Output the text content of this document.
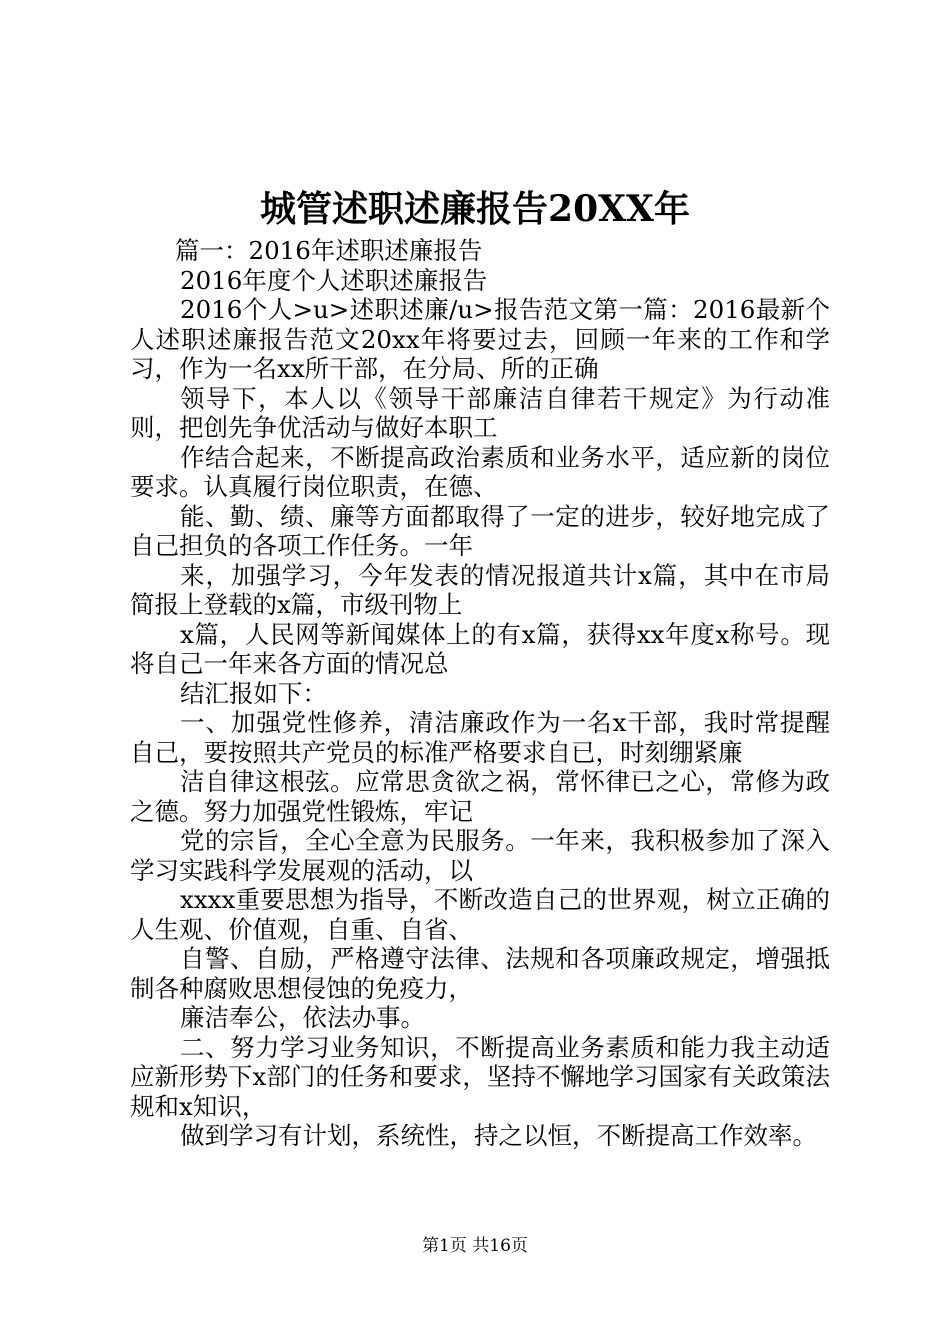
城管述职述廉报告20XX年

篇一：2016年述职述廉报告

2016年度个人述职述廉报告

2016个人>u>述职述廉/u>报告范文第一篇：2016最新个人述职述廉报告范文20xx年将要过去，回顾一年来的工作和学习，作为一名xx所干部，在分局、所的正确

领导下，本人以《领导干部廉洁自律若干规定》为行动准则，把创先争优活动与做好本职工

作结合起来，不断提高政治素质和业务水平，适应新的岗位要求。认真履行岗位职责，在德、

能、勤、绩、廉等方面都取得了一定的进步，较好地完成了自己担负的各项工作任务。一年

来，加强学习，今年发表的情况报道共计x篇，其中在市局简报上登载的x篇，市级刊物上

x篇，人民网等新闻媒体上的有x篇，获得xx年度x称号。现将自己一年来各方面的情况总

结汇报如下：

一、加强党性修养，清洁廉政作为一名x干部，我时常提醒自己，要按照共产党员的标准严格要求自已，时刻绷紧廉

洁自律这根弦。应常思贪欲之祸，常怀律已之心，常修为政之德。努力加强党性锻炼，牢记

党的宗旨，全心全意为民服务。一年来，我积极参加了深入学习实践科学发展观的活动，以

xxxx重要思想为指导，不断改造自己的世界观，树立正确的人生观、价值观，自重、自省、

自警、自励，严格遵守法律、法规和各项廉政规定，增强抵制各种腐败思想侵蚀的免疫力，

廉洁奉公，依法办事。

二、努力学习业务知识，不断提高业务素质和能力我主动适应新形势下x部门的任务和要求，坚持不懈地学习国家有关政策法规和x知识，

做到学习有计划，系统性，持之以恒，不断提高工作效率。

第1页 共16页
